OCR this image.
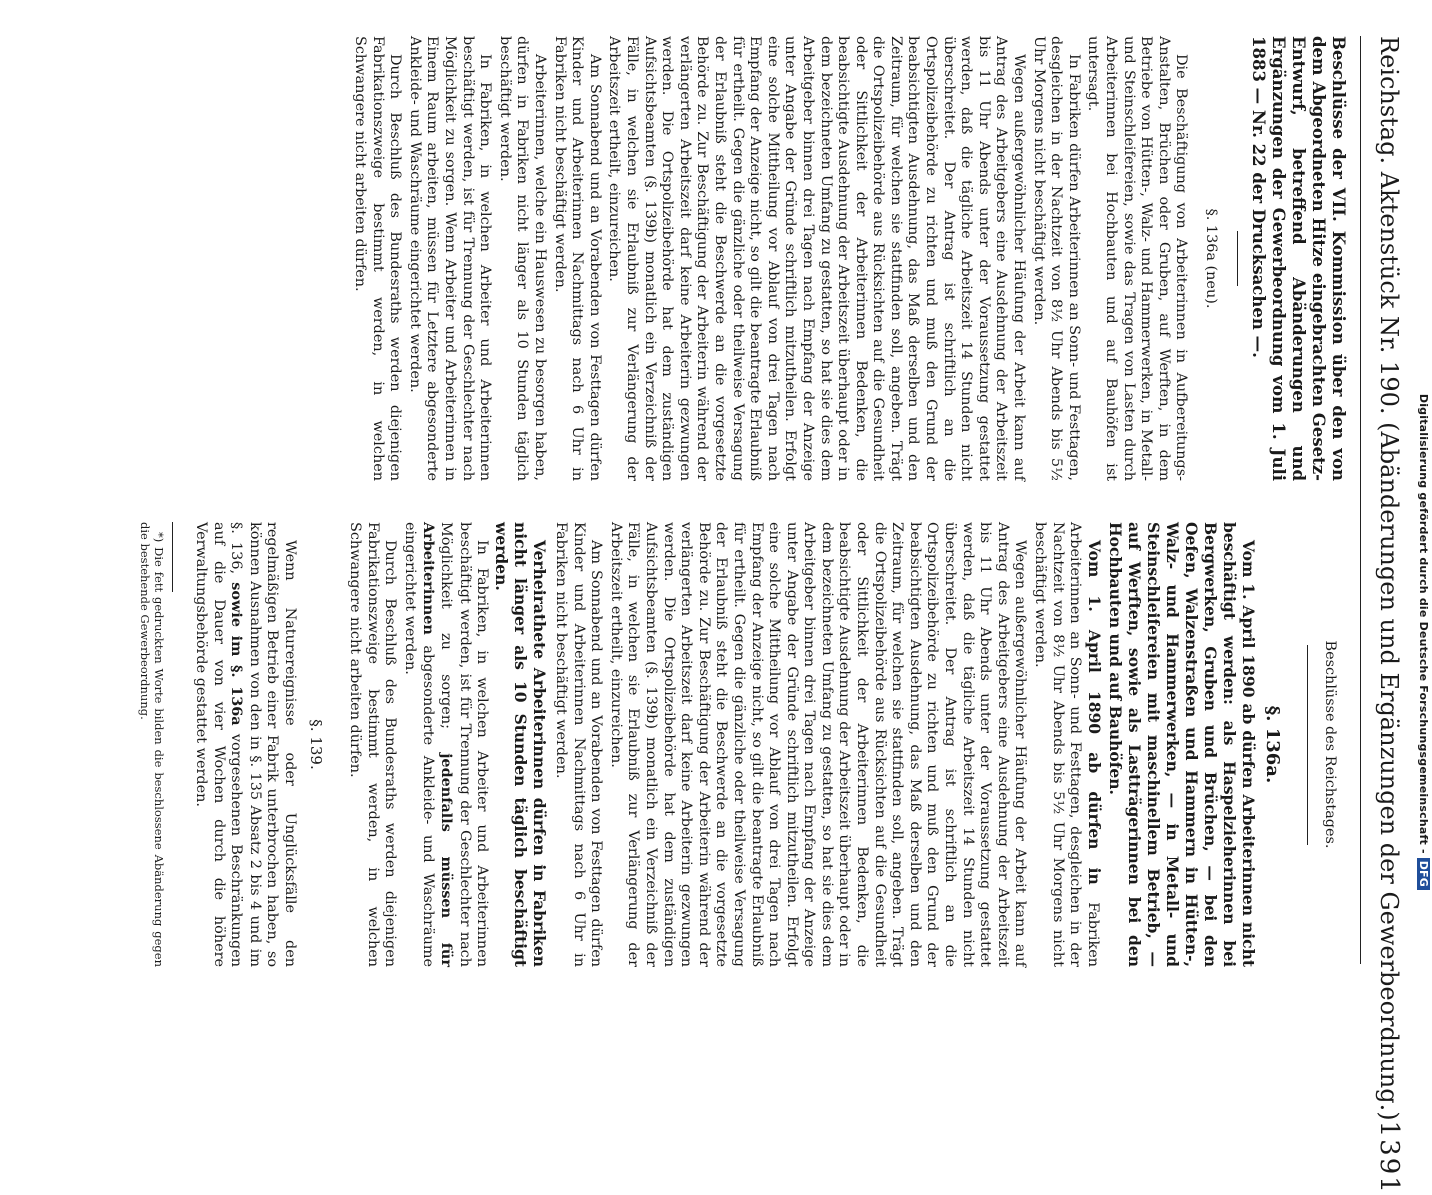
Reichstag. Aktenstück Nr. 190. (Abänderungen und Ergänzungen der Gewerbeordnung.)
1391

Beschlüsse der VII. Kommission über den von dem Abgeordneten Hitze eingebrachten Gesetz-Entwurf, betreffend Abänderungen und Ergänzungen der Gewerbeordnung vom 1. Juli 1883 — Nr. 22 der Drucksachen —.

§. 136a (neu).

Die Beschäftigung von Arbeiterinnen in Aufbereitungs-Anstalten, Brüchen oder Gruben, auf Werften, in dem Betriebe von Hütten-, Walz- und Hammerwerken, in Metall- und Steinschleifereien, sowie das Tragen von Lasten durch Arbeiterinnen bei Hochbauten und auf Bauhöfen ist untersagt.

In Fabriken dürfen Arbeiterinnen an Sonn- und Festtagen, desgleichen in der Nachtzeit von 8½ Uhr Abends bis 5½ Uhr Morgens nicht beschäftigt werden.

Wegen außergewöhnlicher Häufung der Arbeit kann auf Antrag des Arbeitgebers eine Ausdehnung der Arbeitszeit bis 11 Uhr Abends unter der Voraussetzung gestattet werden, daß die tägliche Arbeitszeit 14 Stunden nicht überschreitet. Der Antrag ist schriftlich an die Ortspolizeibehörde zu richten und muß den Grund der beabsichtigten Ausdehnung, das Maß derselben und den Zeitraum, für welchen sie stattfinden soll, angeben. Trägt die Ortspolizeibehörde aus Rücksichten auf die Gesundheit oder Sittlichkeit der Arbeiterinnen Bedenken, die beabsichtigte Ausdehnung der Arbeitszeit überhaupt oder in dem bezeichneten Umfang zu gestatten, so hat sie dies dem Arbeitgeber binnen drei Tagen nach Empfang der Anzeige unter Angabe der Gründe schriftlich mitzutheilen. Erfolgt eine solche Mittheilung vor Ablauf von drei Tagen nach Empfang der Anzeige nicht, so gilt die beantragte Erlaubniß für ertheilt. Gegen die gänzliche oder theilweise Versagung der Erlaubniß steht die Beschwerde an die vorgesetzte Behörde zu. Zur Beschäftigung der Arbeiterin während der verlängerten Arbeitszeit darf keine Arbeiterin gezwungen werden. Die Ortspolizeibehörde hat dem zuständigen Aufsichtsbeamten (§. 139b) monatlich ein Verzeichniß der Fälle, in welchen sie Erlaubniß zur Verlängerung der Arbeitszeit ertheilt, einzureichen.

Am Sonnabend und an Vorabenden von Festtagen dürfen Kinder und Arbeiterinnen Nachmittags nach 6 Uhr in Fabriken nicht beschäftigt werden.

Arbeiterinnen, welche ein Hauswesen zu besorgen haben, dürfen in Fabriken nicht länger als 10 Stunden täglich beschäftigt werden.

In Fabriken, in welchen Arbeiter und Arbeiterinnen beschäftigt werden, ist für Trennung der Geschlechter nach Möglichkeit zu sorgen. Wenn Arbeiter und Arbeiterinnen in Einem Raum arbeiten, müssen für Letztere abgesonderte Ankleide- und Waschräume eingerichtet werden.

Durch Beschluß des Bundesraths werden diejenigen Fabrikationszweige bestimmt werden, in welchen Schwangere nicht arbeiten dürfen.

Beschlüsse des Reichstages.

§. 136a.

Vom 1. April 1890 ab dürfen Arbeiterinnen nicht beschäftigt werden: als Haspelzieherinnen bei Bergwerken, Gruben und Brüchen, — bei den Oefen, Walzenstraßen und Hammern in Hütten-, Walz- und Hammerwerken, — in Metall- und Steinschleifereien mit maschinellem Betrieb, — auf Werften, sowie als Lastträgerinnen bei den Hochbauten und auf Bauhöfen.

Vom 1. April 1890 ab dürfen in Fabriken Arbeiterinnen an Sonn- und Festtagen, desgleichen in der Nachtzeit von 8½ Uhr Abends bis 5½ Uhr Morgens nicht beschäftigt werden.

Wegen außergewöhnlicher Häufung der Arbeit kann auf Antrag des Arbeitgebers eine Ausdehnung der Arbeitszeit bis 11 Uhr Abends unter der Voraussetzung gestattet werden, daß die tägliche Arbeitszeit 14 Stunden nicht überschreitet. Der Antrag ist schriftlich an die Ortspolizeibehörde zu richten und muß den Grund der beabsichtigten Ausdehnung, das Maß derselben und den Zeitraum, für welchen sie stattfinden soll, angeben. Trägt die Ortspolizeibehörde aus Rücksichten auf die Gesundheit oder Sittlichkeit der Arbeiterinnen Bedenken, die beabsichtigte Ausdehnung der Arbeitszeit überhaupt oder in dem bezeichneten Umfang zu gestatten, so hat sie dies dem Arbeitgeber binnen drei Tagen nach Empfang der Anzeige unter Angabe der Gründe schriftlich mitzutheilen. Erfolgt eine solche Mittheilung vor Ablauf von drei Tagen nach Empfang der Anzeige nicht, so gilt die beantragte Erlaubniß für ertheilt. Gegen die gänzliche oder theilweise Versagung der Erlaubniß steht die Beschwerde an die vorgesetzte Behörde zu. Zur Beschäftigung der Arbeiterin während der verlängerten Arbeitszeit darf keine Arbeiterin gezwungen werden. Die Ortspolizeibehörde hat dem zuständigen Aufsichtsbeamten (§. 139b) monatlich ein Verzeichniß der Fälle, in welchen sie Erlaubniß zur Verlängerung der Arbeitszeit ertheilt, einzureichen.

Am Sonnabend und an Vorabenden von Festtagen dürfen Kinder und Arbeiterinnen Nachmittags nach 6 Uhr in Fabriken nicht beschäftigt werden.

Verheirathete Arbeiterinnen dürfen in Fabriken nicht länger als 10 Stunden täglich beschäftigt werden.

In Fabriken, in welchen Arbeiter und Arbeiterinnen beschäftigt werden, ist für Trennung der Geschlechter nach Möglichkeit zu sorgen; jedenfalls müssen für Arbeiterinnen abgesonderte Ankleide- und Waschräume eingerichtet werden.

Durch Beschluß des Bundesraths werden diejenigen Fabrikationszweige bestimmt werden, in welchen Schwangere nicht arbeiten dürfen.

§. 139.

Wenn Naturereignisse oder Unglücksfälle den regelmäßigen Betrieb einer Fabrik unterbrochen haben, so können Ausnahmen von den in §. 135 Absatz 2 bis 4 und im §. 136, sowie im §. 136a vorgesehenen Beschränkungen auf die Dauer von vier Wochen durch die höhere Verwaltungsbehörde gestattet werden.

*) Die fett gedruckten Worte bilden die beschlossene Abänderung gegen die bestehende Gewerbeordnung.	Digitalisierung gefördert durch die Deutsche Forschungsgemeinschaft -DFG
